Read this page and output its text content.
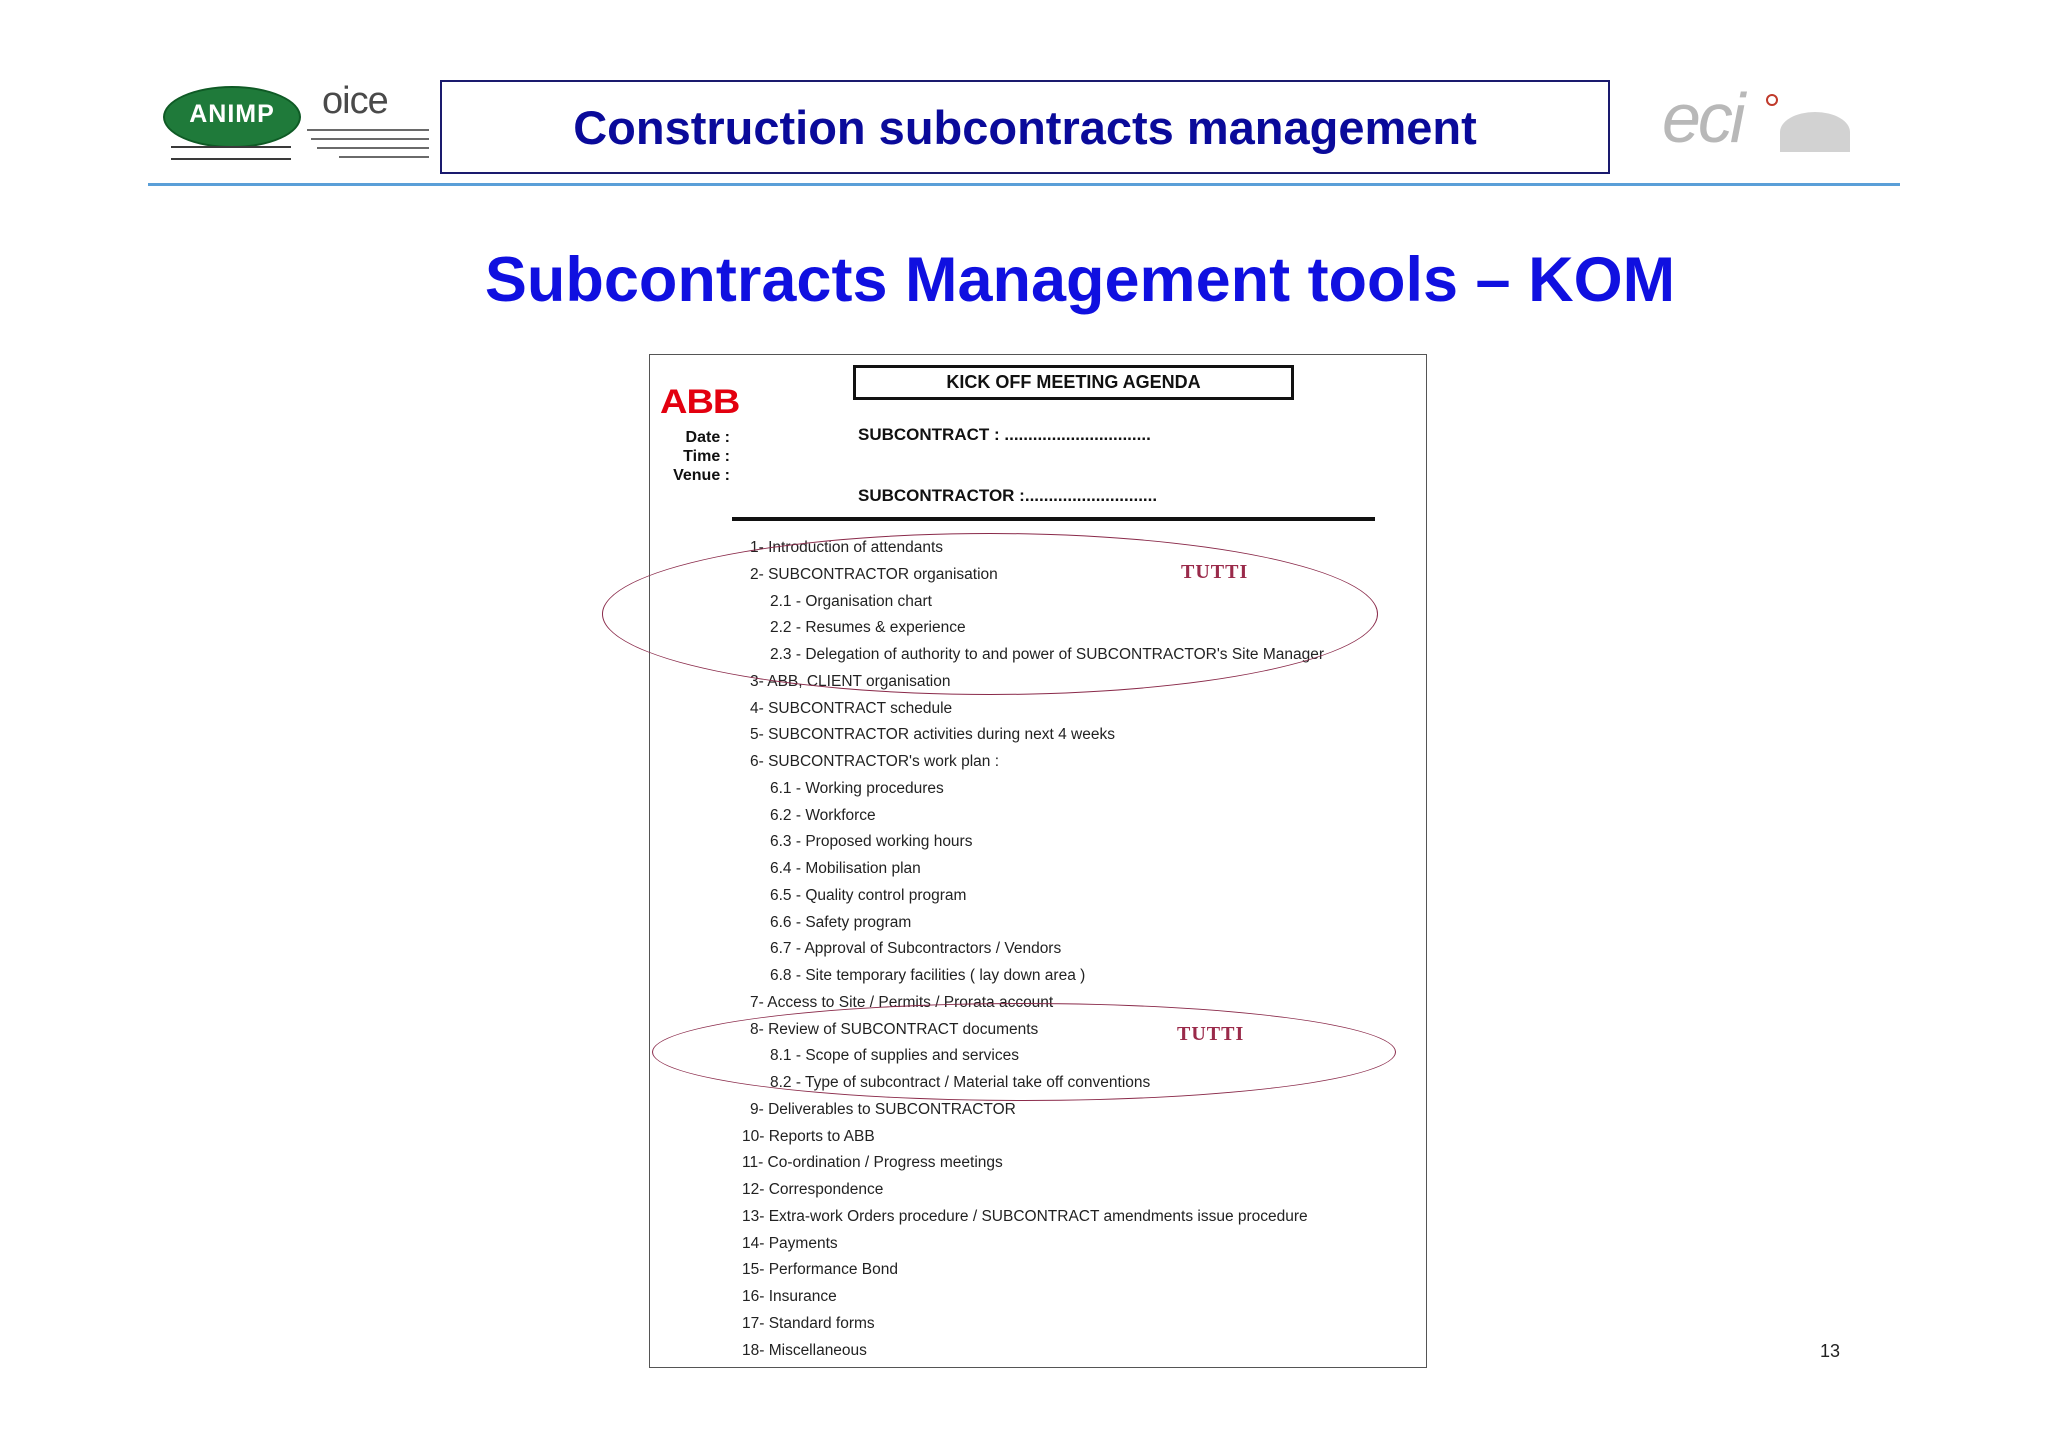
ANIMP	oice	Construction subcontracts management	eci
Subcontracts Management tools – KOM
ABB
Date :
Time :
Venue :
KICK OFF MEETING AGENDA
SUBCONTRACT : ...............................
SUBCONTRACTOR :............................
1- Introduction of attendants
2- SUBCONTRACTOR organisation
2.1 - Organisation chart
2.2 - Resumes & experience
2.3 - Delegation of authority to and power of SUBCONTRACTOR's Site Manager
3- ABB, CLIENT organisation
4- SUBCONTRACT schedule
5- SUBCONTRACTOR activities during next 4 weeks
6- SUBCONTRACTOR's work plan :
6.1 - Working procedures
6.2 - Workforce
6.3 - Proposed working hours
6.4 - Mobilisation plan
6.5 - Quality control program
6.6 - Safety program
6.7 - Approval of Subcontractors / Vendors
6.8 - Site temporary facilities ( lay down area )
7- Access to Site / Permits / Prorata account
8- Review of SUBCONTRACT documents
8.1 - Scope of supplies and services
8.2 - Type of subcontract / Material take off conventions
9- Deliverables to SUBCONTRACTOR
10- Reports to ABB
11- Co-ordination / Progress meetings
12- Correspondence
13- Extra-work Orders procedure / SUBCONTRACT amendments issue procedure
14- Payments
15- Performance Bond
16- Insurance
17- Standard forms
18- Miscellaneous
TUTTI
TUTTI
13
